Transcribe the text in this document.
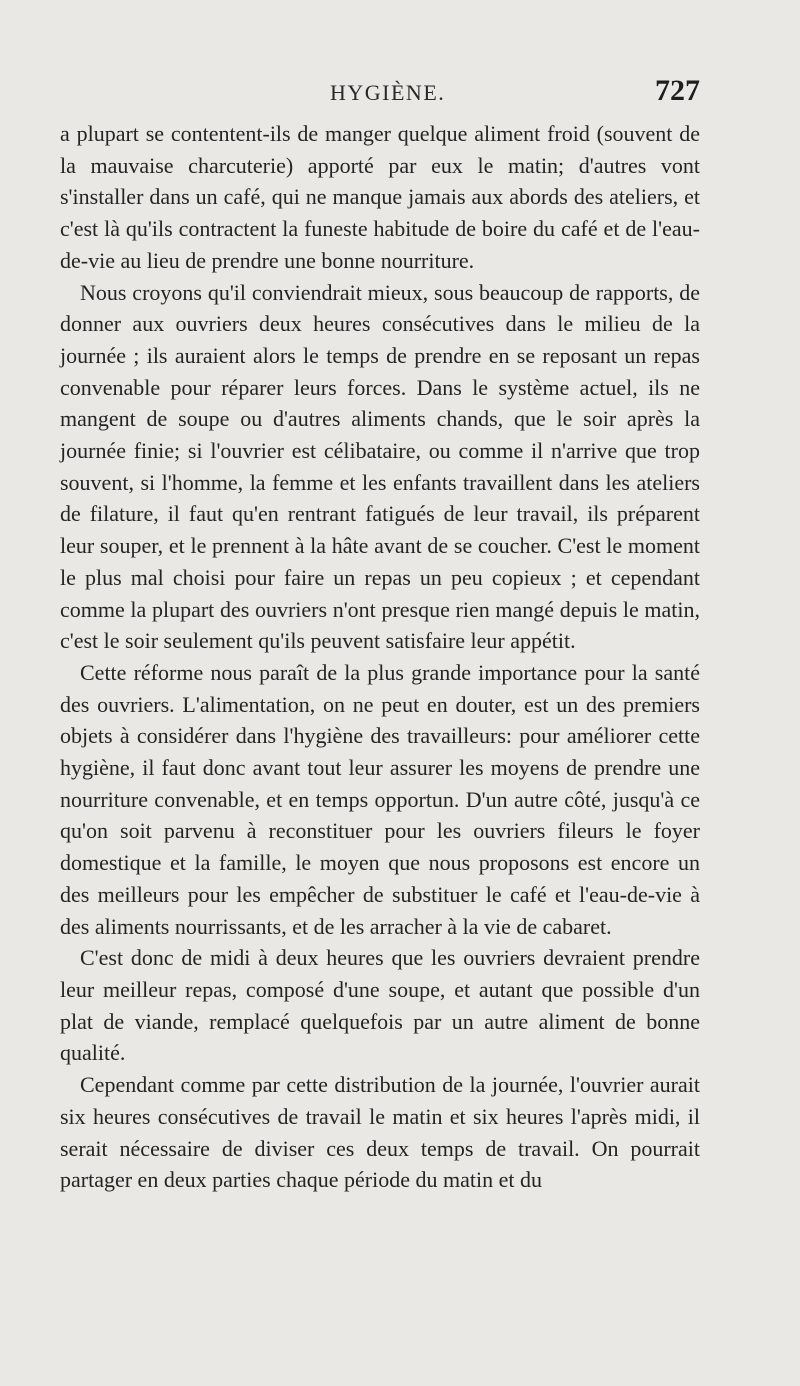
HYGIÈNE.	727

a plupart se contentent-ils de manger quelque aliment froid (souvent de la mauvaise charcuterie) apporté par eux le matin; d'autres vont s'installer dans un café, qui ne manque jamais aux abords des ateliers, et c'est là qu'ils contractent la funeste habitude de boire du café et de l'eau-de-vie au lieu de prendre une bonne nourriture.

Nous croyons qu'il conviendrait mieux, sous beaucoup de rapports, de donner aux ouvriers deux heures consécutives dans le milieu de la journée ; ils auraient alors le temps de prendre en se reposant un repas convenable pour réparer leurs forces. Dans le système actuel, ils ne mangent de soupe ou d'autres aliments chands, que le soir après la journée finie; si l'ouvrier est célibataire, ou comme il n'arrive que trop souvent, si l'homme, la femme et les enfants travaillent dans les ateliers de filature, il faut qu'en rentrant fatigués de leur travail, ils préparent leur souper, et le prennent à la hâte avant de se coucher. C'est le moment le plus mal choisi pour faire un repas un peu copieux ; et cependant comme la plupart des ouvriers n'ont presque rien mangé depuis le matin, c'est le soir seulement qu'ils peuvent satisfaire leur appétit.

Cette réforme nous paraît de la plus grande importance pour la santé des ouvriers. L'alimentation, on ne peut en douter, est un des premiers objets à considérer dans l'hygiène des travailleurs: pour améliorer cette hygiène, il faut donc avant tout leur assurer les moyens de prendre une nourriture convenable, et en temps opportun. D'un autre côté, jusqu'à ce qu'on soit parvenu à reconstituer pour les ouvriers fileurs le foyer domestique et la famille, le moyen que nous proposons est encore un des meilleurs pour les empêcher de substituer le café et l'eau-de-vie à des aliments nourrissants, et de les arracher à la vie de cabaret.

C'est donc de midi à deux heures que les ouvriers devraient prendre leur meilleur repas, composé d'une soupe, et autant que possible d'un plat de viande, remplacé quelquefois par un autre aliment de bonne qualité.

Cependant comme par cette distribution de la journée, l'ouvrier aurait six heures consécutives de travail le matin et six heures l'après midi, il serait nécessaire de diviser ces deux temps de travail. On pourrait partager en deux parties chaque période du matin et du
